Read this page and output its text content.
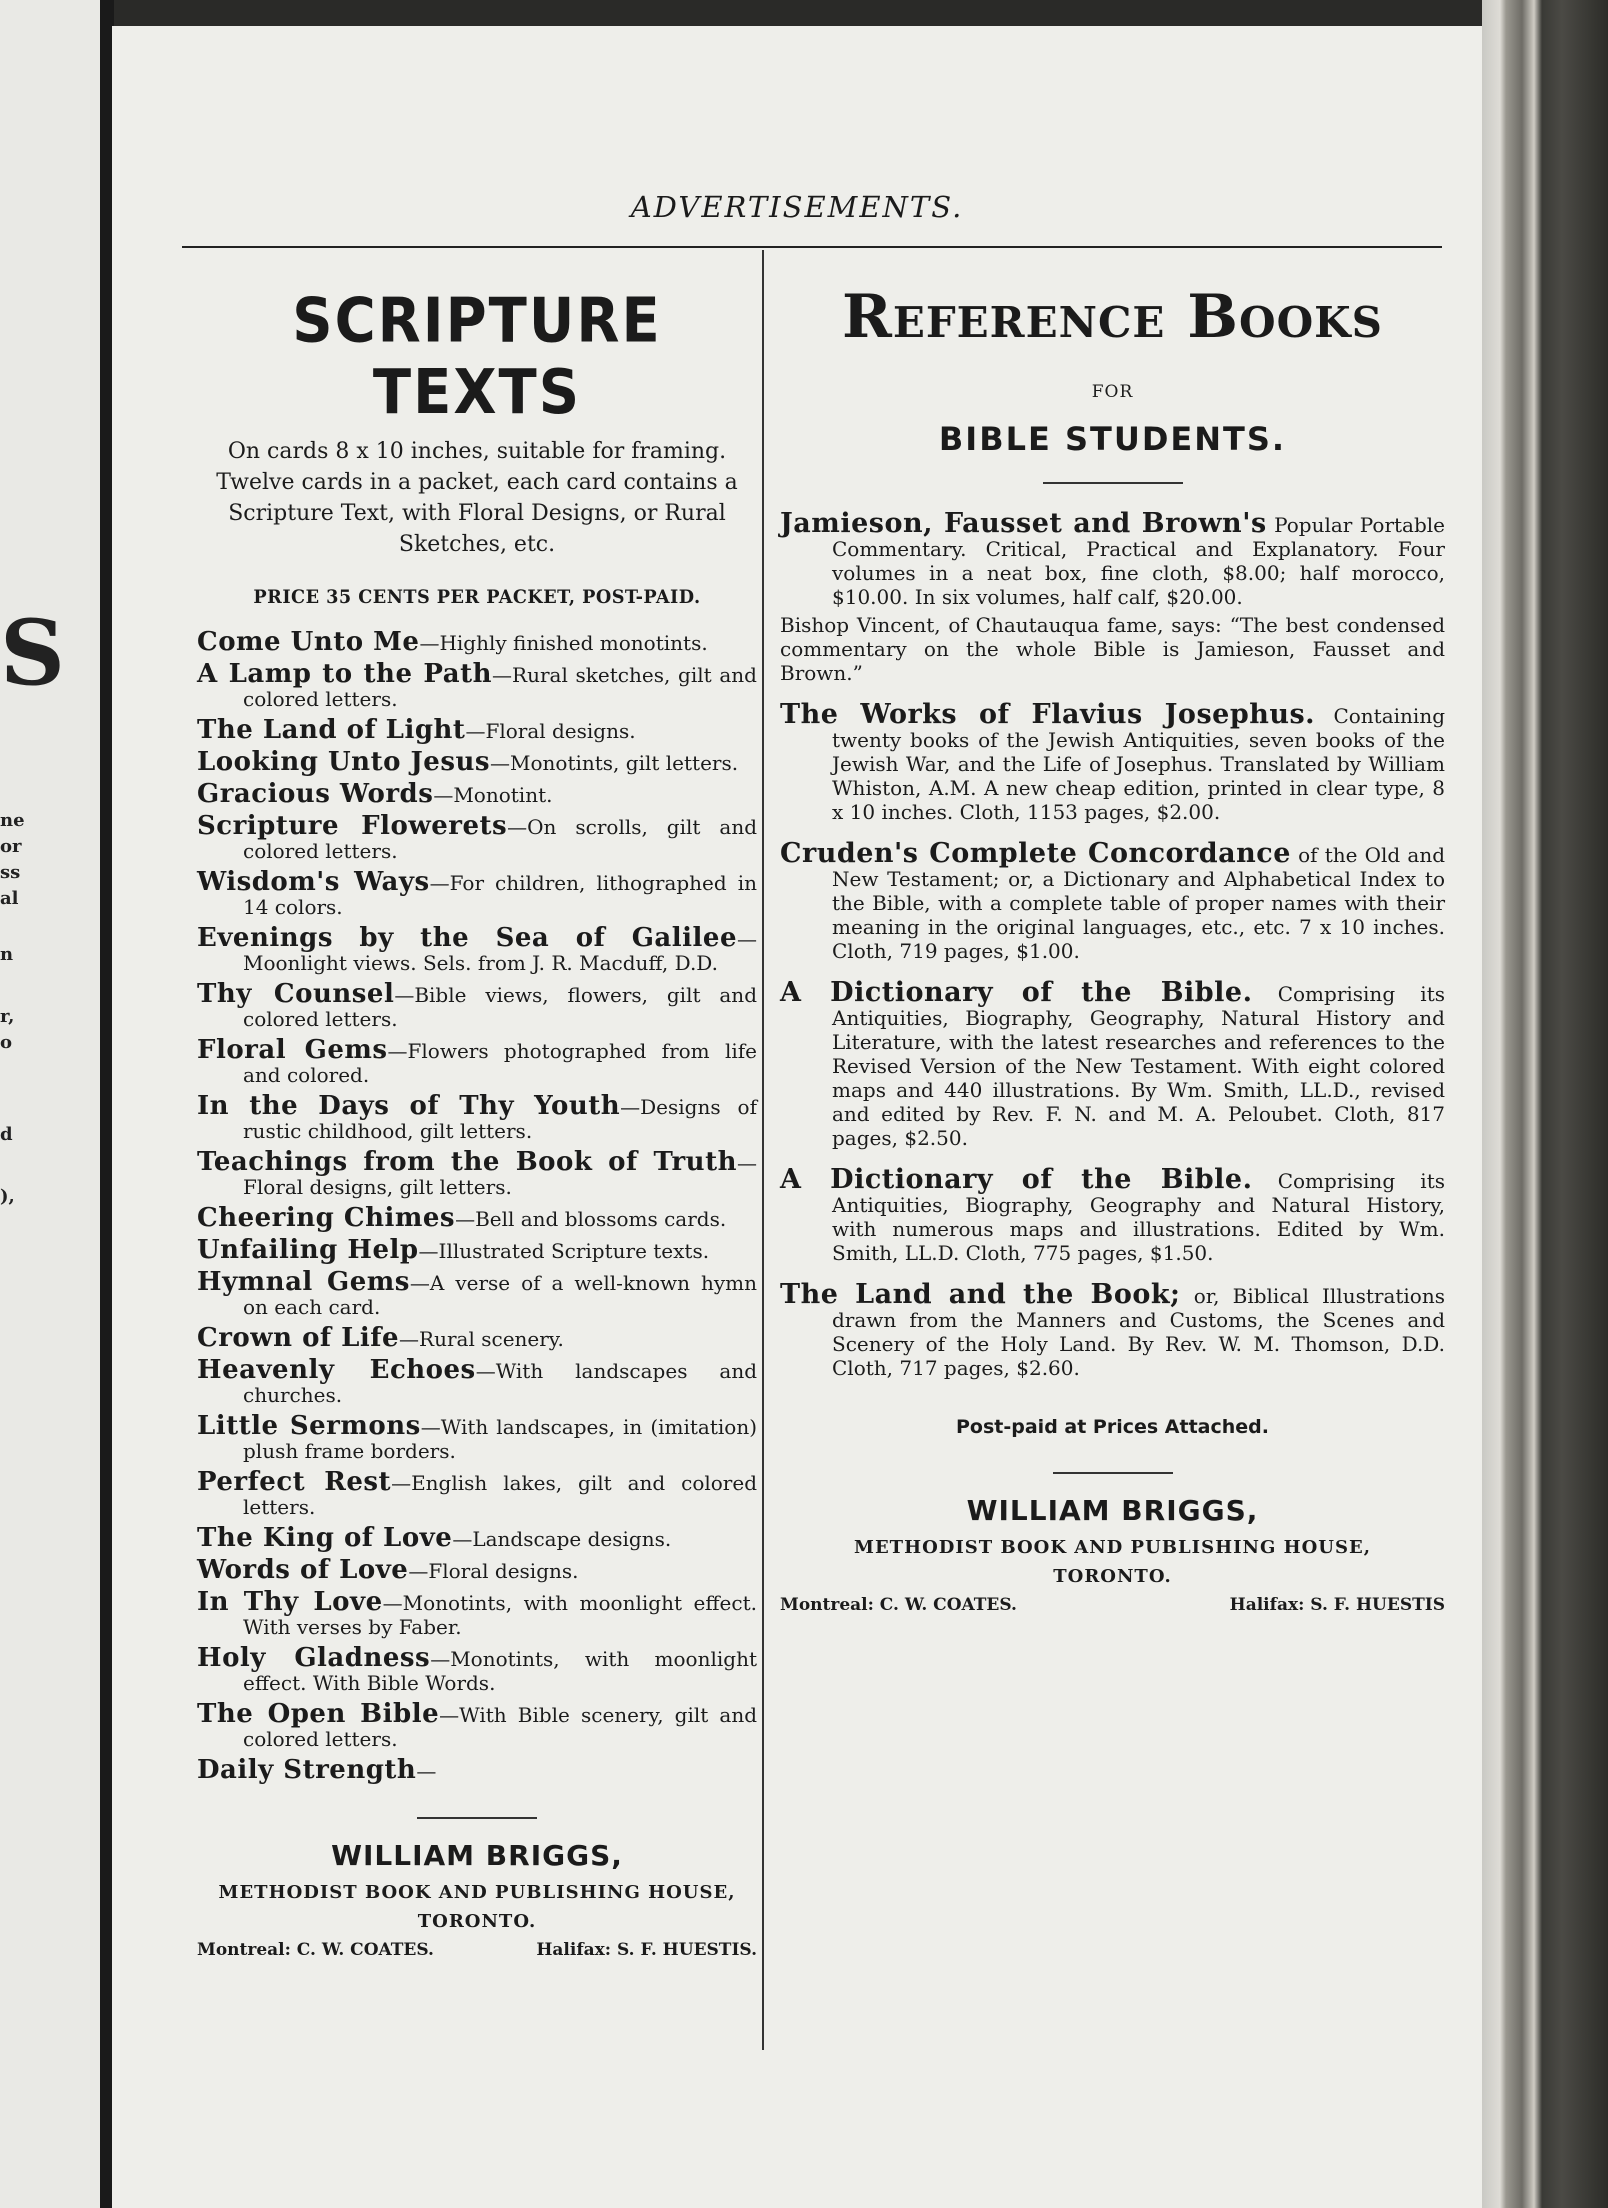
S
ne
or
ss
al
n
r,
o
d
),
ADVERTISEMENTS.
SCRIPTURE TEXTS
On cards 8 x 10 inches, suitable for framing. Twelve cards in a packet, each card contains a Scripture Text, with Floral Designs, or Rural Sketches, etc.
PRICE 35 CENTS PER PACKET, POST-PAID.
Come Unto Me—Highly finished monotints.
A Lamp to the Path—Rural sketches, gilt and colored letters.
The Land of Light—Floral designs.
Looking Unto Jesus—Monotints, gilt letters.
Gracious Words—Monotint.
Scripture Flowerets—On scrolls, gilt and colored letters.
Wisdom's Ways—For children, lithographed in 14 colors.
Evenings by the Sea of Galilee—Moonlight views. Sels. from J. R. Macduff, D.D.
Thy Counsel—Bible views, flowers, gilt and colored letters.
Floral Gems—Flowers photographed from life and colored.
In the Days of Thy Youth—Designs of rustic childhood, gilt letters.
Teachings from the Book of Truth—Floral designs, gilt letters.
Cheering Chimes—Bell and blossoms cards.
Unfailing Help—Illustrated Scripture texts.
Hymnal Gems—A verse of a well-known hymn on each card.
Crown of Life—Rural scenery.
Heavenly Echoes—With landscapes and churches.
Little Sermons—With landscapes, in (imitation) plush frame borders.
Perfect Rest—English lakes, gilt and colored letters.
The King of Love—Landscape designs.
Words of Love—Floral designs.
In Thy Love—Monotints, with moonlight effect. With verses by Faber.
Holy Gladness—Monotints, with moonlight effect. With Bible Words.
The Open Bible—With Bible scenery, gilt and colored letters.
Daily Strength—
WILLIAM BRIGGS,
METHODIST BOOK AND PUBLISHING HOUSE,
TORONTO.
Montreal: C. W. COATES.	Halifax: S. F. HUESTIS.
Reference Books
FOR
BIBLE STUDENTS.
Jamieson, Fausset and Brown's Popular Portable Commentary. Critical, Practical and Explanatory. Four volumes in a neat box, fine cloth, $8.00; half morocco, $10.00. In six volumes, half calf, $20.00.
Bishop Vincent, of Chautauqua fame, says: “The best condensed commentary on the whole Bible is Jamieson, Fausset and Brown.”
The Works of Flavius Josephus. Containing twenty books of the Jewish Antiquities, seven books of the Jewish War, and the Life of Josephus. Translated by William Whiston, A.M. A new cheap edition, printed in clear type, 8 x 10 inches. Cloth, 1153 pages, $2.00.
Cruden's Complete Concordance of the Old and New Testament; or, a Dictionary and Alphabetical Index to the Bible, with a complete table of proper names with their meaning in the original languages, etc., etc. 7 x 10 inches. Cloth, 719 pages, $1.00.
A Dictionary of the Bible. Comprising its Antiquities, Biography, Geography, Natural History and Literature, with the latest researches and references to the Revised Version of the New Testament. With eight colored maps and 440 illustrations. By Wm. Smith, LL.D., revised and edited by Rev. F. N. and M. A. Peloubet. Cloth, 817 pages, $2.50.
A Dictionary of the Bible. Comprising its Antiquities, Biography, Geography and Natural History, with numerous maps and illustrations. Edited by Wm. Smith, LL.D. Cloth, 775 pages, $1.50.
The Land and the Book; or, Biblical Illustrations drawn from the Manners and Customs, the Scenes and Scenery of the Holy Land. By Rev. W. M. Thomson, D.D. Cloth, 717 pages, $2.60.
Post-paid at Prices Attached.
WILLIAM BRIGGS,
METHODIST BOOK AND PUBLISHING HOUSE,
TORONTO.
Montreal: C. W. COATES.	Halifax: S. F. HUESTIS
